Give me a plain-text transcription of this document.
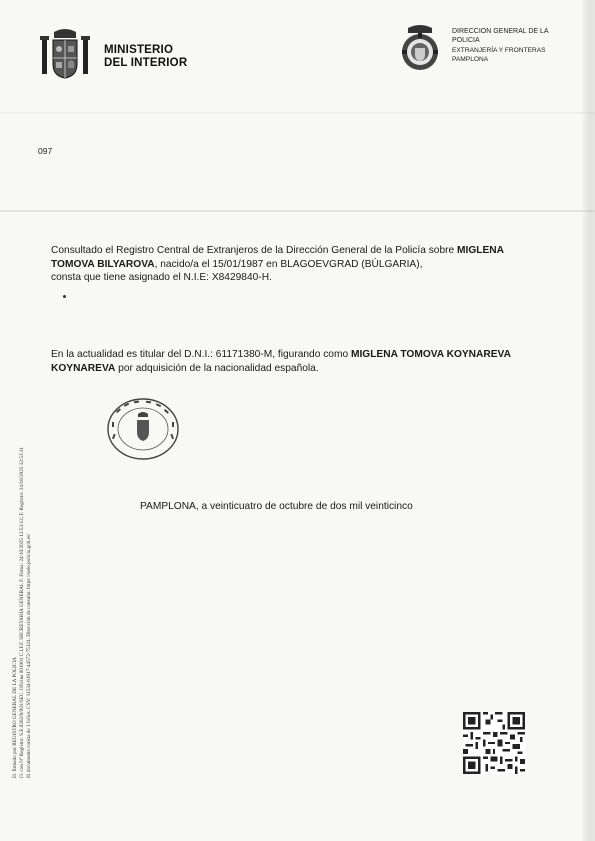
MINISTERIO
DEL INTERIOR
DIRECCION GENERAL DE LA POLICIA
EXTRANJERÍA Y FRONTERAS PAMPLONA
097
Consultado el Registro Central de Extranjeros de la Dirección General de la Policía sobre MIGLENA TOMOVA BILYAROVA, nacido/a el 15/01/1987 en BLAGOEVGRAD (BÚLGARIA),
consta que tiene asignado el N.I.E: X8429840-H.
En la actualidad es titular del D.N.I.: 61171380-M, figurando como MIGLENA TOMOVA KOYNAREVA KOYNAREVA por adquisición de la nacionalidad española.
PAMPLONA, a veinticuatro de octubre de dos mil veinticinco
D. firmado por REGISTRO GENERAL DE LA POLICIA O. con Nº Registro: S.E.0262/8/001/SEC. Oficina 001001 C.I.F.F. SECRETARÍA GENERAL F. Firma: 24/10/2025 12:53:12; F. Registro: 24/10/2025 12:53:11 El documento consta de 1 folios. CSV: 11534-61917-44572-75124. Dirección de consulta: https://sede.policia.gob.es/
